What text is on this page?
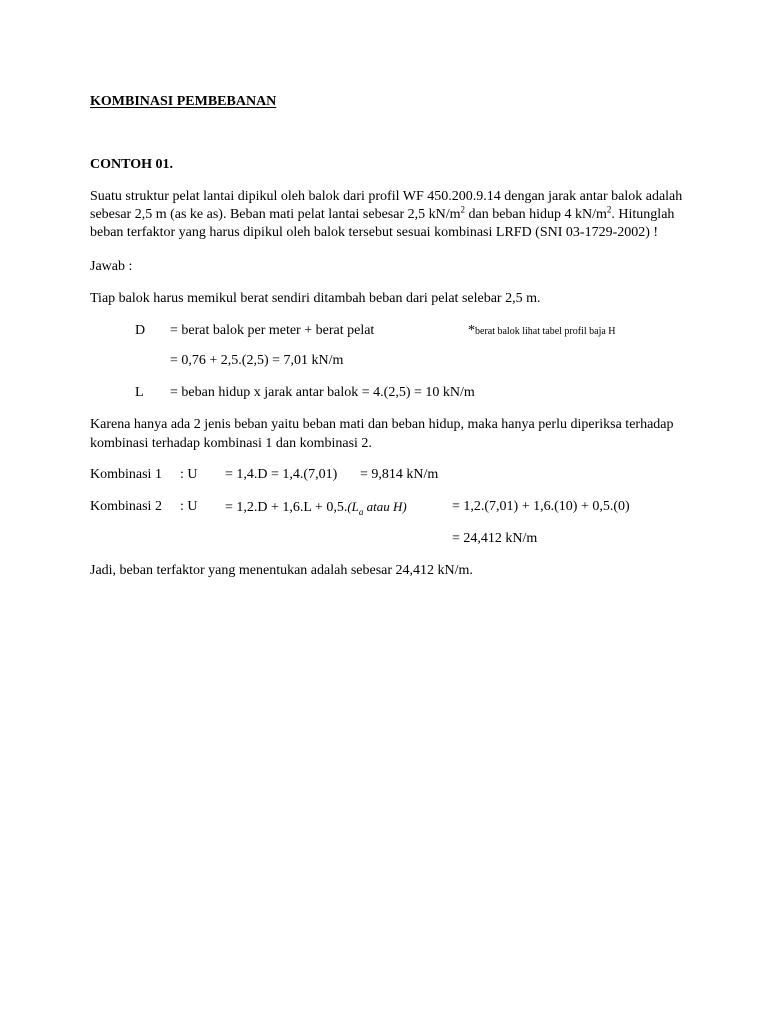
KOMBINASI PEMBEBANAN
CONTOH 01.
Suatu struktur pelat lantai dipikul oleh balok dari profil WF 450.200.9.14 dengan jarak antar balok adalah
sebesar 2,5 m (as ke as). Beban mati pelat lantai sebesar 2,5 $kN/m^2$ dan beban hidup 4 $kN/m^2$. Hitunglah
beban terfaktor yang harus dipikul oleh balok tersebut sesuai kombinasi LRFD (SNI 03-1729-2002) !
Jawab :
Tiap balok harus memikul berat sendiri ditambah beban dari pelat selebar 2,5 m.
D = berat balok per meter + berat pelat	*berat balok lihat tabel profil baja H
= 0,76 + 2,5.(2,5) = 7,01 kN/m
L = beban hidup x jarak antar balok = 4.(2,5) = 10 kN/m
Karena hanya ada 2 jenis beban yaitu beban mati dan beban hidup, maka hanya perlu diperiksa terhadap
kombinasi terhadap kombinasi 1 dan kombinasi 2.
Kombinasi 1 : U = 1,4.D = 1,4.(7,01) = 9,814 kN/m
Kombinasi 2 : $U = 1,2.D + 1,6.L + 0,5.(L_a$ atau H)	= 1,2.(7,01) + 1,6.(10) + 0,5.(0)
= 24,412 kN/m
Jadi, beban terfaktor yang menentukan adalah sebesar 24,412 kN/m.
